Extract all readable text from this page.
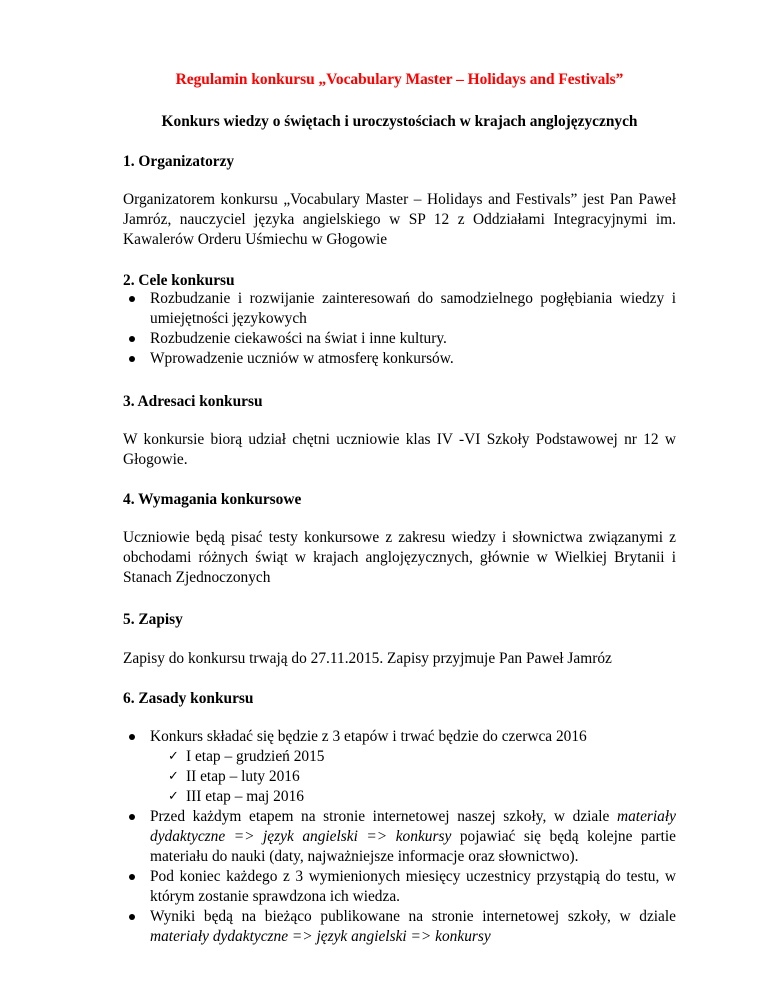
Regulamin konkursu „Vocabulary Master – Holidays and Festivals”

Konkurs wiedzy o świętach i uroczystościach w krajach anglojęzycznych

1. Organizatorzy

Organizatorem konkursu „Vocabulary Master – Holidays and Festivals” jest Pan Paweł Jamróz, nauczyciel języka angielskiego w SP 12 z Oddziałami Integracyjnymi im. Kawalerów Orderu Uśmiechu w Głogowie

2. Cele konkursu

Rozbudzanie i rozwijanie zainteresowań do samodzielnego pogłębiania wiedzy i umiejętności językowych
Rozbudzenie ciekawości na świat i inne kultury.
Wprowadzenie uczniów w atmosferę konkursów.

3. Adresaci konkursu

W konkursie biorą udział chętni uczniowie klas IV -VI Szkoły Podstawowej nr 12 w Głogowie.

4. Wymagania konkursowe

Uczniowie będą pisać testy konkursowe z zakresu wiedzy i słownictwa związanymi z obchodami różnych świąt w krajach anglojęzycznych, głównie w Wielkiej Brytanii i Stanach Zjednoczonych

5. Zapisy

Zapisy do konkursu trwają do 27.11.2015. Zapisy przyjmuje Pan Paweł Jamróz

6. Zasady konkursu

Konkurs składać się będzie z 3 etapów i trwać będzie do czerwca 2016
✓ I etap – grudzień 2015
✓ II etap – luty 2016
✓ III etap – maj 2016
Przed każdym etapem na stronie internetowej naszej szkoły, w dziale materiały dydaktyczne => język angielski => konkursy pojawiać się będą kolejne partie materiału do nauki (daty, najważniejsze informacje oraz słownictwo).
Pod koniec każdego z 3 wymienionych miesięcy uczestnicy przystąpią do testu, w którym zostanie sprawdzona ich wiedza.
Wyniki będą na bieżąco publikowane na stronie internetowej szkoły, w dziale materiały dydaktyczne => język angielski => konkursy
